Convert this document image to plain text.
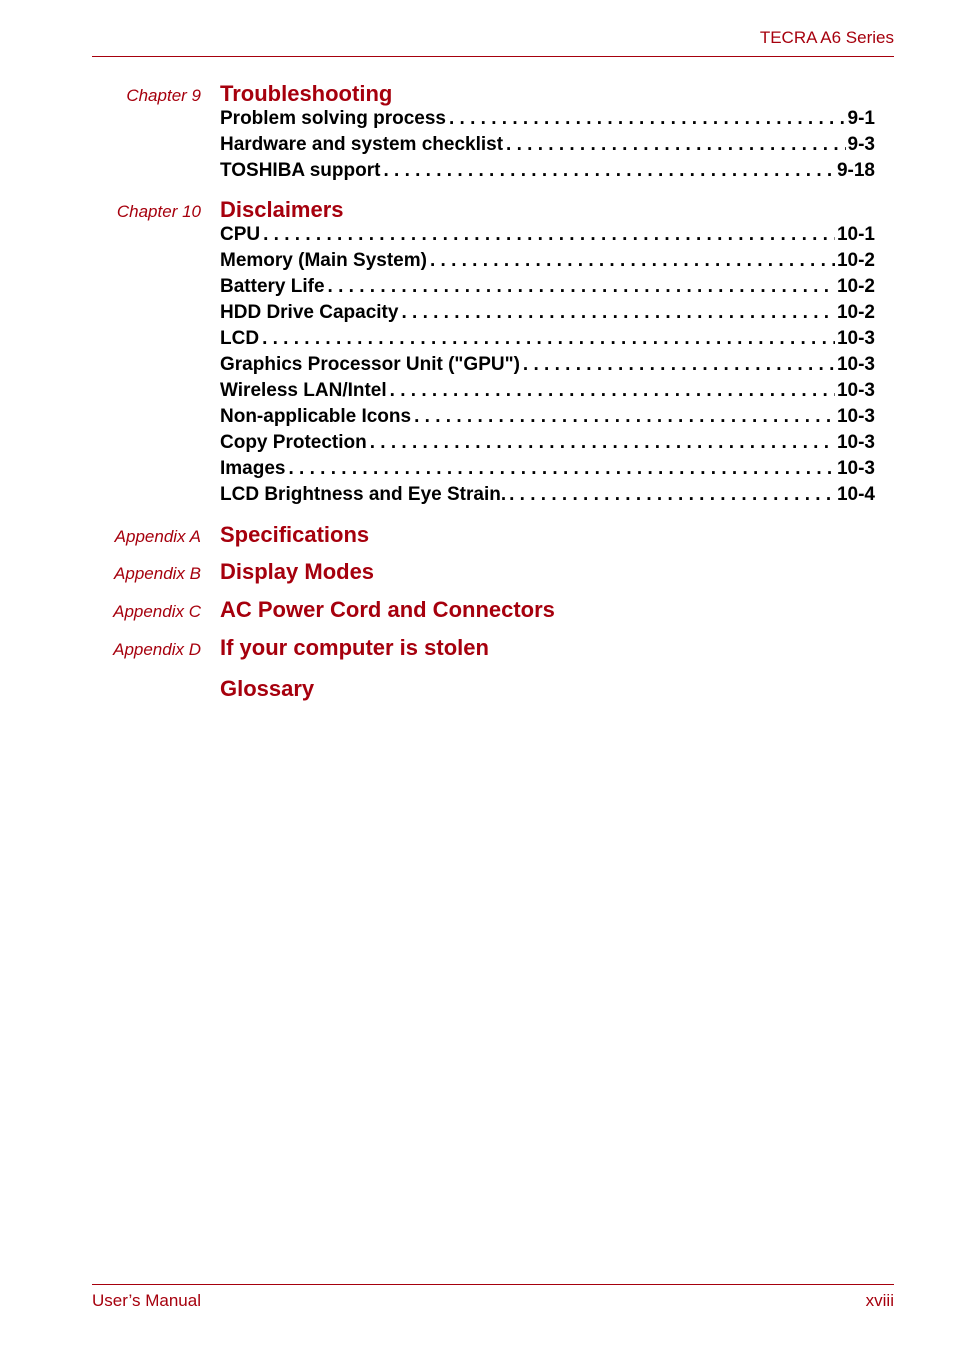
TECRA A6 Series
Chapter 9 Troubleshooting
Problem solving process . . .	9-1
Hardware and system checklist . . .	9-3
TOSHIBA support . . .	9-18
Chapter 10 Disclaimers
CPU . . .	10-1
Memory (Main System) . . .	10-2
Battery Life . . .	10-2
HDD Drive Capacity . . .	10-2
LCD . . .	10-3
Graphics Processor Unit ("GPU") . . .	10-3
Wireless LAN/Intel . . .	10-3
Non-applicable Icons . . .	10-3
Copy Protection . . .	10-3
Images . . .	10-3
LCD Brightness and Eye Strain. . . .	10-4
Appendix A Specifications
Appendix B Display Modes
Appendix C AC Power Cord and Connectors
Appendix D If your computer is stolen
Glossary
User’s Manual	xviii
